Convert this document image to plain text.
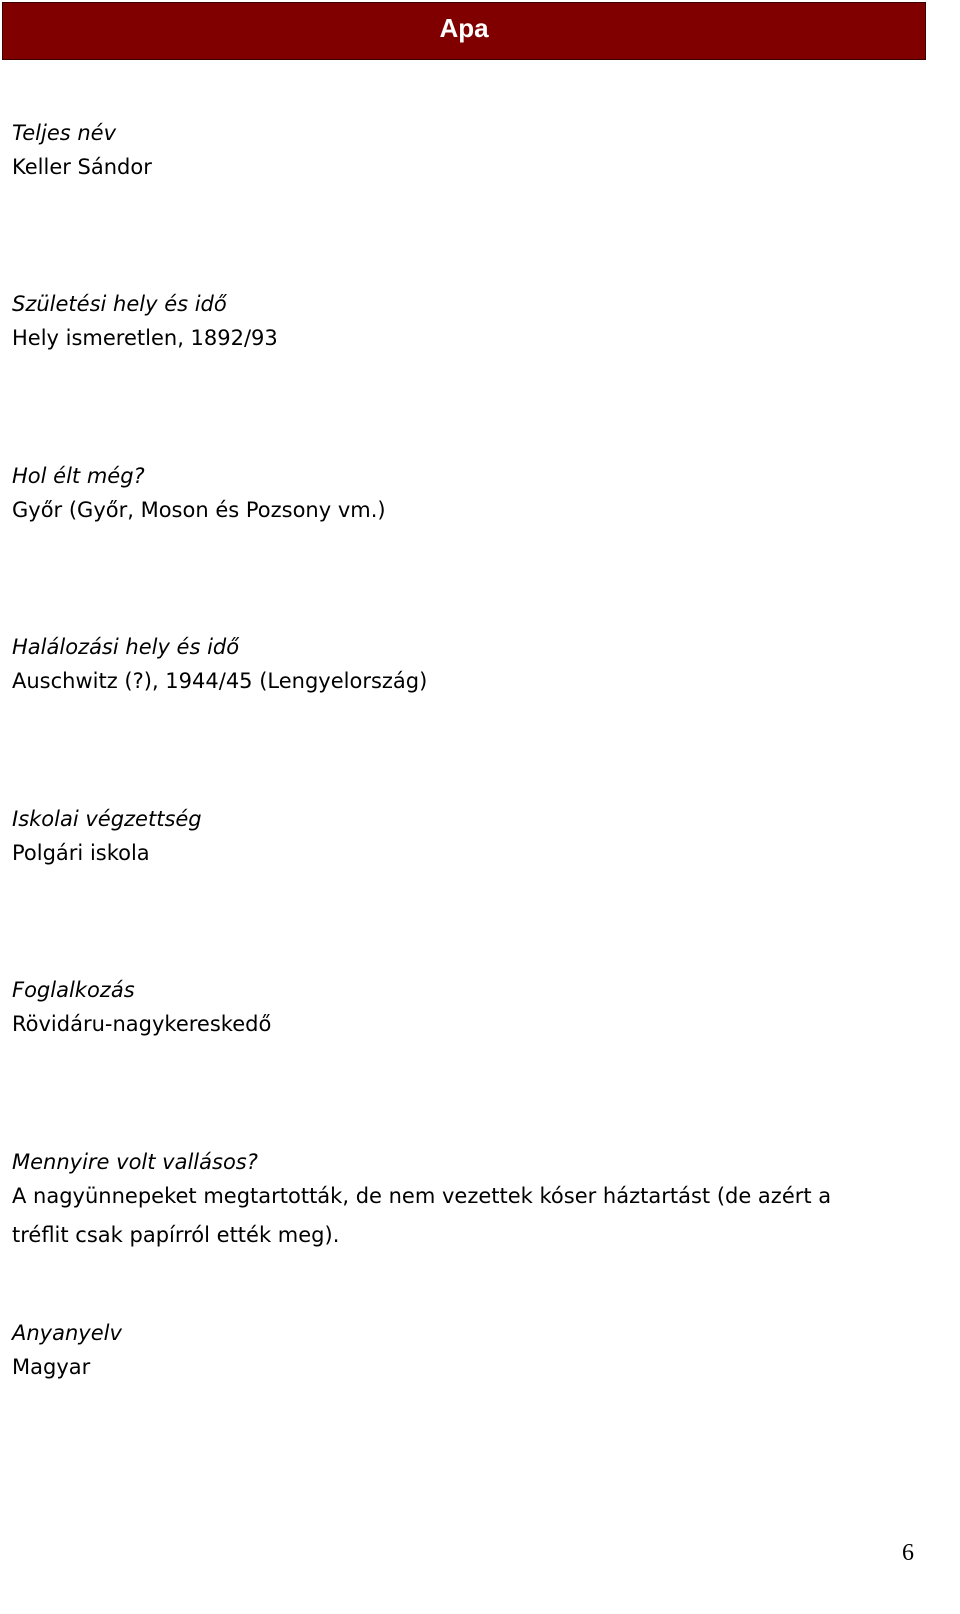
Apa
Teljes név
Keller Sándor
Születési hely és idő
Hely ismeretlen, 1892/93
Hol élt még?
Győr (Győr, Moson és Pozsony vm.)
Halálozási hely és idő
Auschwitz (?), 1944/45 (Lengyelország)
Iskolai végzettség
Polgári iskola
Foglalkozás
Rövidáru-nagykereskedő
Mennyire volt vallásos?
A nagyünnepeket megtartották, de nem vezettek kóser háztartást (de azért a tréflit csak papírról ették meg).
Anyanyelv
Magyar
6
